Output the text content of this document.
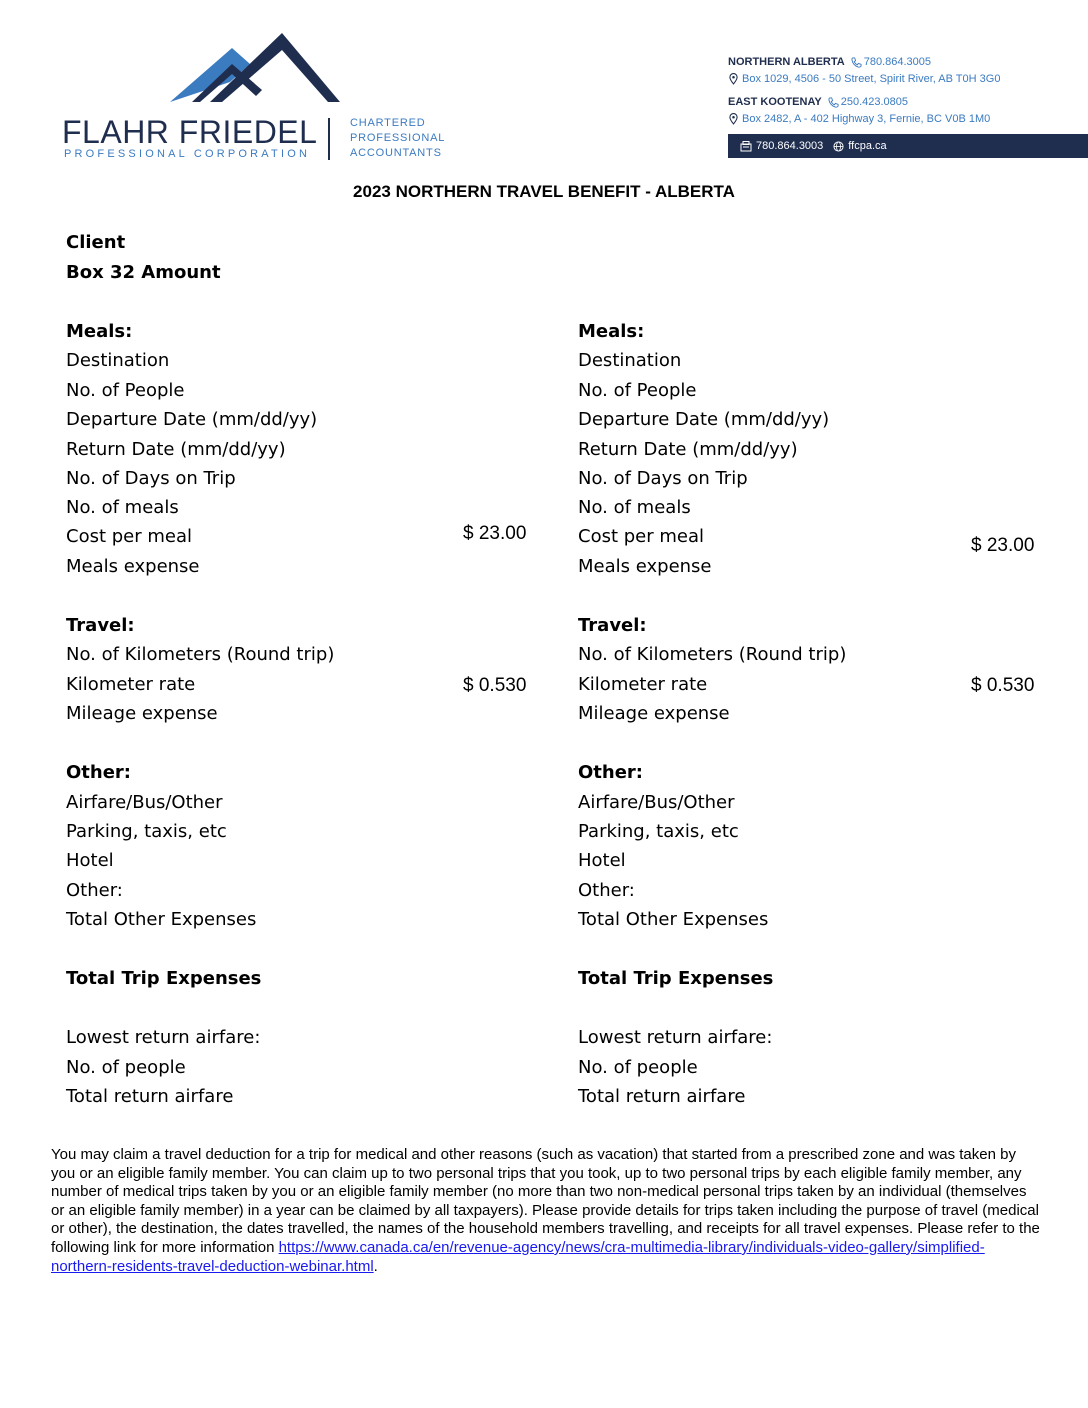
FLAHR FRIEDEL
PROFESSIONAL CORPORATION
CHARTERED
PROFESSIONAL
ACCOUNTANTS
NORTHERN ALBERTA 780.864.3005
Box 1029, 4506 - 50 Street, Spirit River, AB T0H 3G0
EAST KOOTENAY 250.423.0805
Box 2482, A - 402 Highway 3, Fernie, BC V0B 1M0
780.864.3003 ffcpa.ca
2023 NORTHERN TRAVEL BENEFIT - ALBERTA
Client
Box 32 Amount
Meals:
Destination
No. of People
Departure Date (mm/dd/yy)
Return Date (mm/dd/yy)
No. of Days on Trip
No. of meals
Cost per meal	$ 23.00
Meals expense
Travel:
No. of Kilometers (Round trip)
Kilometer rate	$ 0.530
Mileage expense
Other:
Airfare/Bus/Other
Parking, taxis, etc
Hotel
Other:
Total Other Expenses
Total Trip Expenses
Lowest return airfare:
No. of people
Total return airfare
Meals:
Destination
No. of People
Departure Date (mm/dd/yy)
Return Date (mm/dd/yy)
No. of Days on Trip
No. of meals
Cost per meal	$ 23.00
Meals expense
Travel:
No. of Kilometers (Round trip)
Kilometer rate	$ 0.530
Mileage expense
Other:
Airfare/Bus/Other
Parking, taxis, etc
Hotel
Other:
Total Other Expenses
Total Trip Expenses
Lowest return airfare:
No. of people
Total return airfare
You may claim a travel deduction for a trip for medical and other reasons (such as vacation) that started from a prescribed zone and was taken by you or an eligible family member. You can claim up to two personal trips that you took, up to two personal trips by each eligible family member, any number of medical trips taken by you or an eligible family member (no more than two non-medical personal trips taken by an individual (themselves or an eligible family member) in a year can be claimed by all taxpayers). Please provide details for trips taken including the purpose of travel (medical or other), the destination, the dates travelled, the names of the household members travelling, and receipts for all travel expenses. Please refer to the following link for more information https://www.canada.ca/en/revenue-agency/news/cra-multimedia-library/individuals-video-gallery/simplified-northern-residents-travel-deduction-webinar.html.
